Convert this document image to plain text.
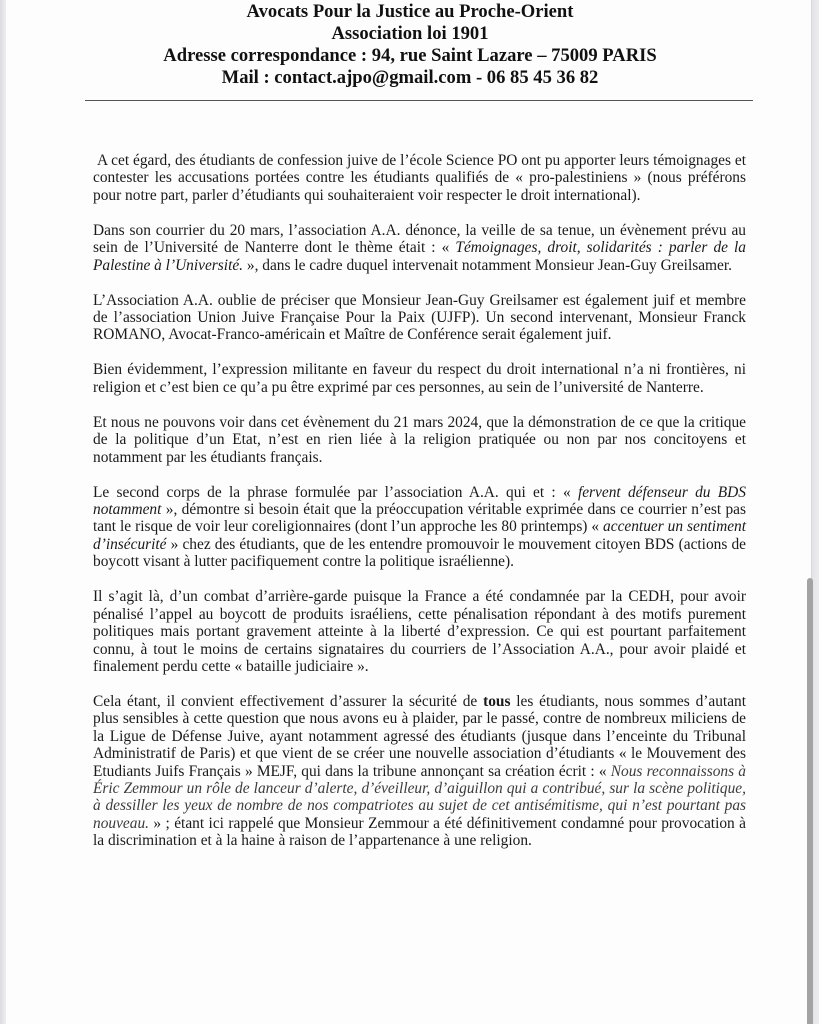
Avocats Pour la Justice au Proche-Orient
Association loi 1901
Adresse correspondance : 94, rue Saint Lazare – 75009 PARIS
Mail : contact.ajpo@gmail.com - 06 85 45 36 82

A cet égard, des étudiants de confession juive de l’école Science PO ont pu apporter leurs témoignages et contester les accusations portées contre les étudiants qualifiés de « pro-palestiniens » (nous préférons pour notre part, parler d’étudiants qui souhaiteraient voir respecter le droit international).

Dans son courrier du 20 mars, l’association A.A. dénonce, la veille de sa tenue, un évènement prévu au sein de l’Université de Nanterre dont le thème était : « Témoignages, droit, solidarités : parler de la Palestine à l’Université. », dans le cadre duquel intervenait notamment Monsieur Jean-Guy Greilsamer.

L’Association A.A. oublie de préciser que Monsieur Jean-Guy Greilsamer est également juif et membre de l’association Union Juive Française Pour la Paix (UJFP). Un second intervenant, Monsieur Franck ROMANO, Avocat-Franco-américain et Maître de Conférence serait également juif.

Bien évidemment, l’expression militante en faveur du respect du droit international n’a ni frontières, ni religion et c’est bien ce qu’a pu être exprimé par ces personnes, au sein de l’université de Nanterre.

Et nous ne pouvons voir dans cet évènement du 21 mars 2024, que la démonstration de ce que la critique de la politique d’un Etat, n’est en rien liée à la religion pratiquée ou non par nos concitoyens et notamment par les étudiants français.

Le second corps de la phrase formulée par l’association A.A. qui et : « fervent défenseur du BDS notamment », démontre si besoin était que la préoccupation véritable exprimée dans ce courrier n’est pas tant le risque de voir leur coreligionnaires (dont l’un approche les 80 printemps) « accentuer un sentiment d’insécurité » chez des étudiants, que de les entendre promouvoir le mouvement citoyen BDS (actions de boycott visant à lutter pacifiquement contre la politique israélienne).

Il s’agit là, d’un combat d’arrière-garde puisque la France a été condamnée par la CEDH, pour avoir pénalisé l’appel au boycott de produits israéliens, cette pénalisation répondant à des motifs purement politiques mais portant gravement atteinte à la liberté d’expression. Ce qui est pourtant parfaitement connu, à tout le moins de certains signataires du courriers de l’Association A.A., pour avoir plaidé et finalement perdu cette « bataille judiciaire ».

Cela étant, il convient effectivement d’assurer la sécurité de tous les étudiants, nous sommes d’autant plus sensibles à cette question que nous avons eu à plaider, par le passé, contre de nombreux miliciens de la Ligue de Défense Juive, ayant notamment agressé des étudiants (jusque dans l’enceinte du Tribunal Administratif de Paris) et que vient de se créer une nouvelle association d’étudiants « le Mouvement des Etudiants Juifs Français » MEJF, qui dans la tribune annonçant sa création écrit : « Nous reconnaissons à Éric Zemmour un rôle de lanceur d’alerte, d’éveilleur, d’aiguillon qui a contribué, sur la scène politique, à dessiller les yeux de nombre de nos compatriotes au sujet de cet antisémitisme, qui n’est pourtant pas nouveau. » ; étant ici rappelé que Monsieur Zemmour a été définitivement condamné pour provocation à la discrimination et à la haine à raison de l’appartenance à une religion.
